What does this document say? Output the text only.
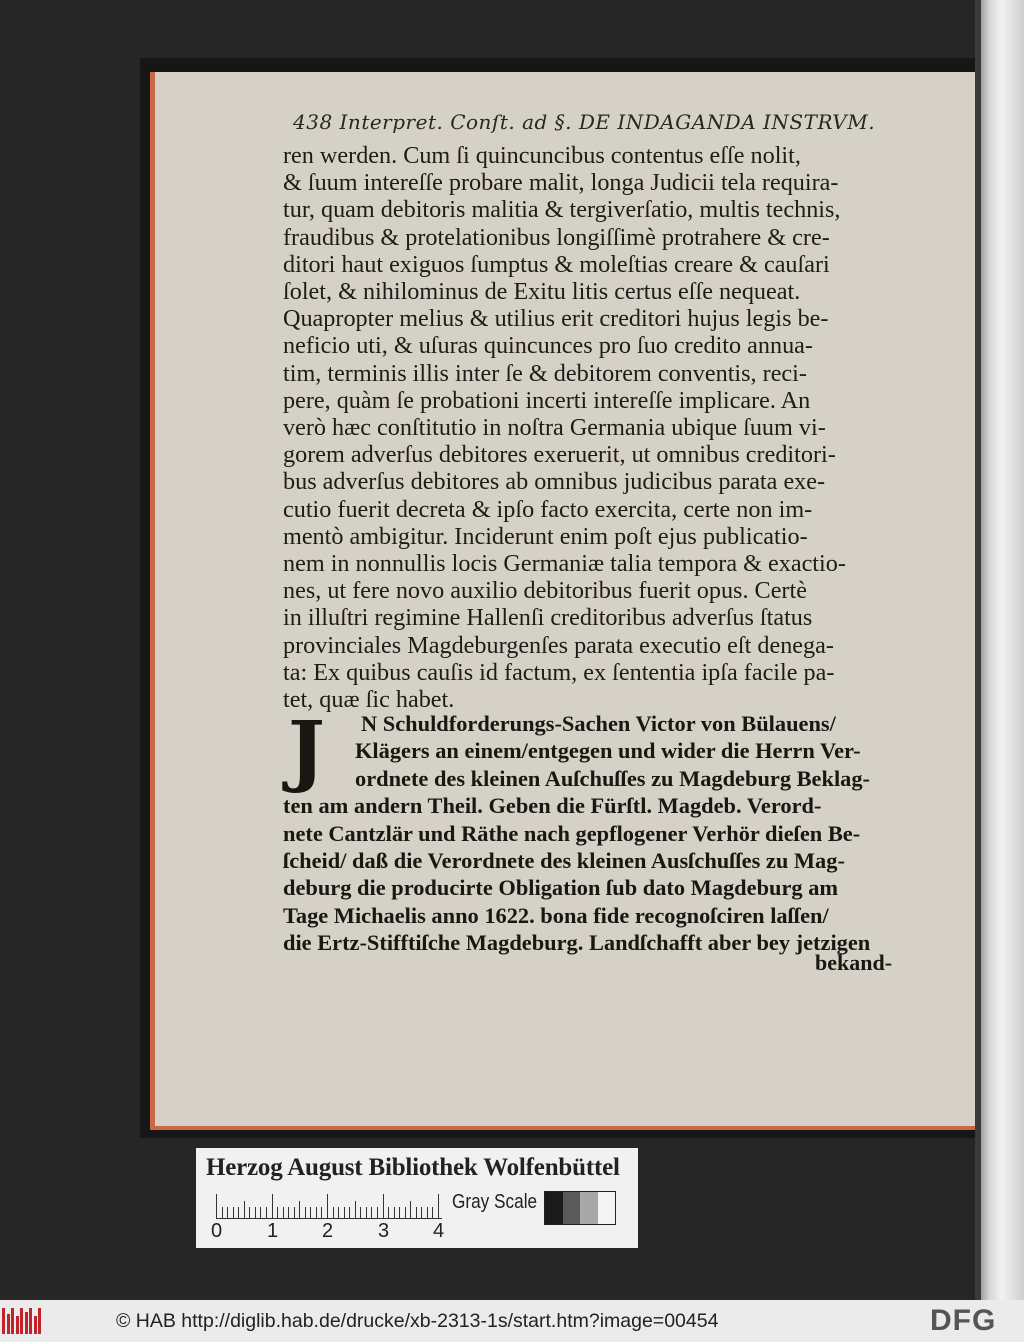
438 Interpret. Conſt. ad §. DE INDAGANDA INSTRVM.
ren werden. Cum ſi quincuncibus contentus eſſe nolit,
& ſuum intereſſe probare malit, longa Judicii tela requira-
tur, quam debitoris malitia & tergiverſatio, multis technis,
fraudibus & protelationibus longiſſimè protrahere & cre-
ditori haut exiguos ſumptus & moleſtias creare & cauſari
ſolet, & nihilominus de Exitu litis certus eſſe nequeat.
Quapropter melius & utilius erit creditori hujus legis be-
neficio uti, & uſuras quincunces pro ſuo credito annua-
tim, terminis illis inter ſe & debitorem conventis, reci-
pere, quàm ſe probationi incerti intereſſe implicare. An
verò hæc conſtitutio in noſtra Germania ubique ſuum vi-
gorem adverſus debitores exeruerit, ut omnibus creditori-
bus adverſus debitores ab omnibus judicibus parata exe-
cutio fuerit decreta & ipſo facto exercita, certe non im-
mentò ambigitur. Inciderunt enim poſt ejus publicatio-
nem in nonnullis locis Germaniæ talia tempora & exactio-
nes, ut fere novo auxilio debitoribus fuerit opus. Certè
in illuſtri regimine Hallenſi creditoribus adverſus ſtatus
provinciales Magdeburgenſes parata executio eſt denega-
ta: Ex quibus cauſis id factum, ex ſententia ipſa facile pa-
tet, quæ ſic habet.
J	N Schuldforderungs-Sachen Victor von Bülauens/
Klägers an einem/entgegen und wider die Herrn Ver-
ordnete des kleinen Auſchuſſes zu Magdeburg Beklag-
ten am andern Theil. Geben die Fürſtl. Magdeb. Verord-
nete Cantzlär und Räthe nach gepflogener Verhör dieſen Be-
ſcheid/ daß die Verordnete des kleinen Ausſchuſſes zu Mag-
deburg die producirte Obligation ſub dato Magdeburg am
Tage Michaelis anno 1622. bona fide recognoſciren laſſen/
die Ertz-Stifftiſche Magdeburg. Landſchafft aber bey jetzigen
bekand-
Herzog August Bibliothek Wolfenbüttel
0 1 2 3 4
Gray Scale
© HAB http://diglib.hab.de/drucke/xb-2313-1s/start.htm?image=00454	DFG
